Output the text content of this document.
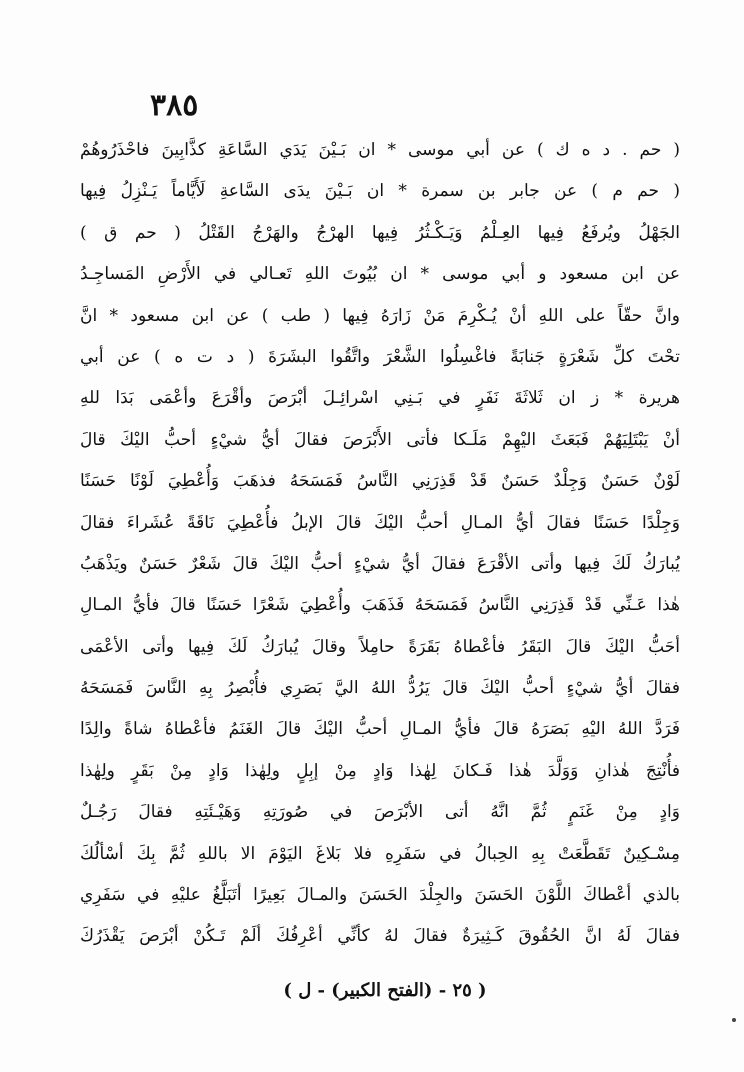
٣٨٥
( حم . د ه ك ) عن أبي موسى * ان بَـيْنَ يَدَي السَّاعَةِ كذَّابِينَ فاحْذَرُوهُمْ
( حم م ) عن جابر بن سمرة * ان بَـيْنَ يدَى السَّاعةِ لَأَيَّاماً يَـنْزِلُ فِيها
الجَهْلُ ويُرفَعُ فِيها العِـلْمُ وَيَـكْـثُرُ فِيها الهرْجُ والهَرْجُ القَتْلُ ( حم ق )
عن ابن مسعود و أبي موسى * ان بُيُوتَ اللهِ تَعـالي في الأَرْضِ المَساجِـدُ
وانَّ حقّاً على اللهِ أنْ يُـكْرِمَ مَنْ زَارَهُ فِيها ( طب ) عن ابن مسعود * انَّ
تحْتَ كلِّ شَعْرَةٍ جَنابَةً فاغْسِلُوا الشَّعْرَ واتَّقُوا البشَرَةَ ( د ت ه ) عن أبي
هريرة * ز ان ثَلاثَةَ نَفَرٍ في بَـنِي اسْرائِـلَ أبْرَصَ وأقْرَعَ وأعْمَى بَدَا للهِ
أنْ يَبْتَلِيَهُمْ فَبَعَثَ اليْهِمْ مَلَـكا فأتى الأَبْرَصَ فقالَ أيُّ شيْءٍ أحبُّ اليْكَ قالَ
لَوْنٌ حَسَنٌ وَجِلْدٌ حَسَنٌ قَدْ قَذِرَنِي النَّاسُ فَمَسَحَهُ فذهَبَ وَأُعْطِيَ لَوْنًا حَسَنًا
وَجِلْدًا حَسَنًا فقالَ أيُّ المـالِ أحبُّ اليْكَ قالَ الإبلُ فأُعْطِيَ نَاقَةً عُشَراءَ فقالَ
يُبارَكُ لَكَ فِيها وأتى الأقْرَعَ فقالَ أيُّ شيْءٍ أحبُّ اليْكَ قالَ شَعْرٌ حَسَنٌ ويَذْهَبُ
هٰذا عَـنِّي قَدْ قَذِرَنِي النَّاسُ فَمَسَحَهُ فَذَهَبَ وأُعْطِيَ شَعْرًا حَسَنًا قالَ فأيُّ المـالِ
أحَبُّ اليْكَ قالَ البَقَرُ فأعْطاهُ بَقَرَةً حامِلاً وقالَ يُبارَكُ لَكَ فِيها وأتى الأعْمَى
فقالَ أيُّ شيْءٍ أحبُّ اليْكَ قالَ يَرُدُّ اللهُ اليَّ بَصَرِي فأُبْصِرُ بِهِ النَّاسَ فَمَسَحَهُ
فَرَدَّ اللهُ اليْهِ بَصَرَهُ قالَ فأيُّ المـالِ أحبُّ اليْكَ قالَ الغَنَمُ فأعْطاهُ شاةً والِدًا
فأُنْتِجَ هٰذانِ وَوَلَّدَ هٰذا فَـكانَ لِهٰذا وَادٍ مِنْ إبِلٍ ولِهٰذا وَادٍ مِنْ بَقَرٍ ولِهٰذا
وَادٍ مِنْ غَنَمٍ ثُمَّ انَّهُ أتى الأبْرَصَ في صُورَتِهِ وَهَيْـئَتِهِ فقالَ رَجُـلٌ
مِسْـكِينٌ تَقَطَّعَتْ بِهِ الحِبالُ في سَفَرِهِ فلا بَلاغَ اليَوْمَ الا باللهِ ثُمَّ بِكَ أسْألُكَ
بالذي أعْطاكَ اللَّوْنَ الحَسَنَ والجِلْدَ الحَسَنَ والمـالَ بَعِيرًا أتَبَلَّغُ عليْهِ في سَفَرِي
فقالَ لَهُ انَّ الحُقُوقَ كَـثِيرَةٌ فقالَ لهُ كأنِّي أعْرِفُكَ ألَمْ تَـكُنْ أبْرَصَ يَقْذَرُكَ
( ٢٥ - (الفتح الكبير) - ل )
